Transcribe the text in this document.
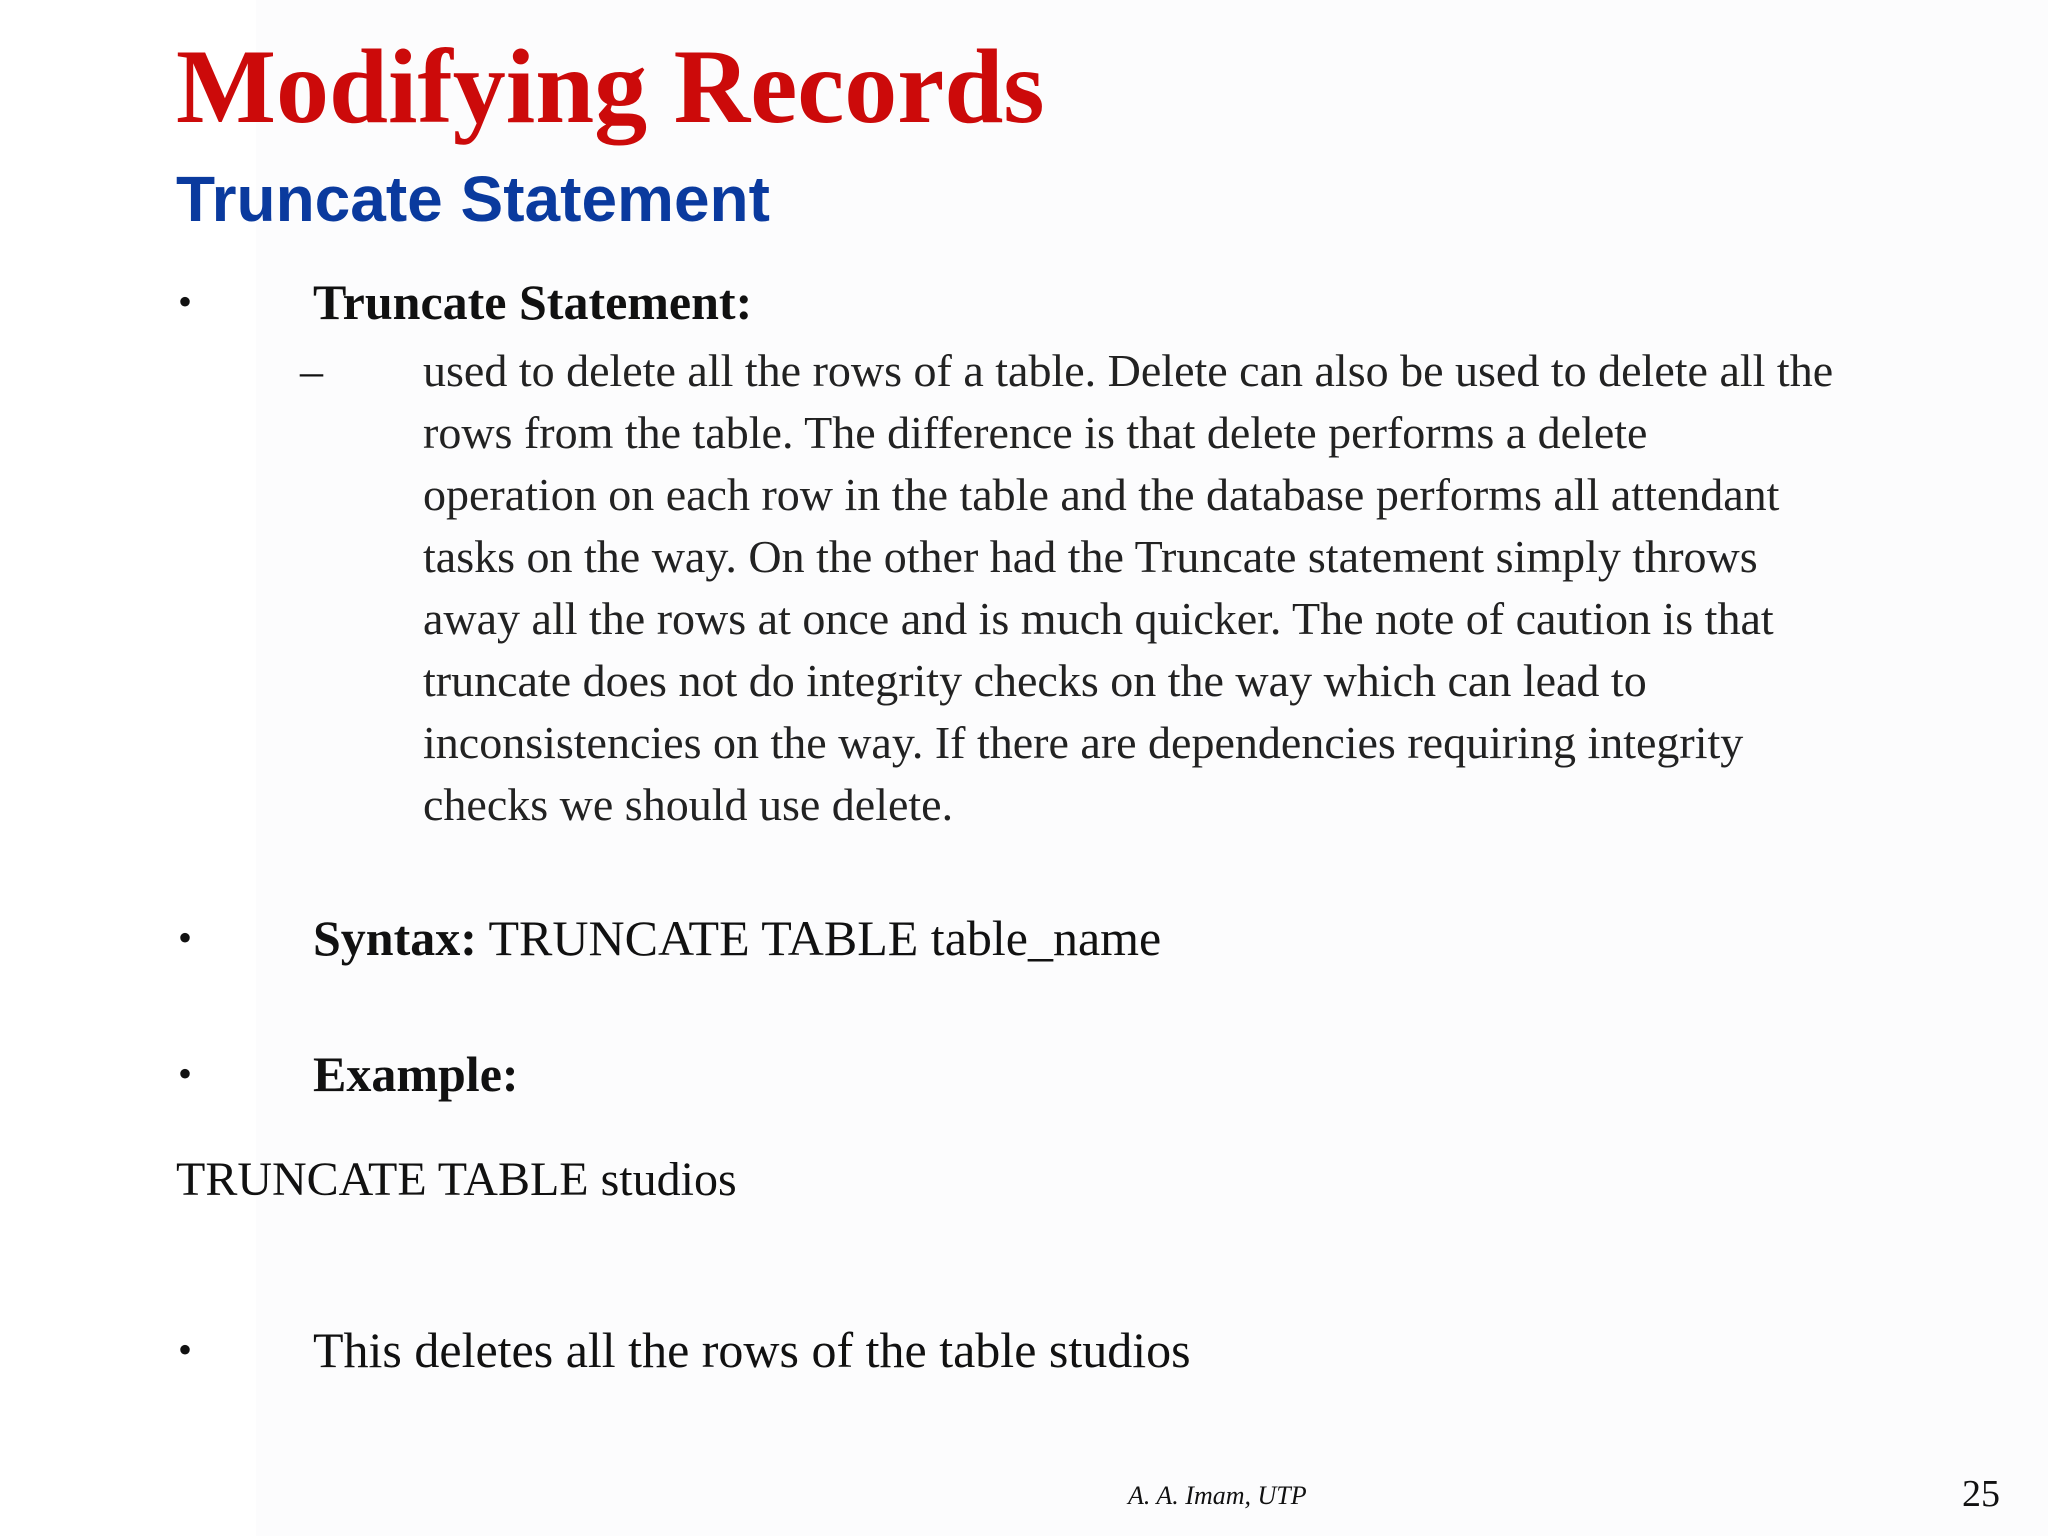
Modifying Records
Truncate Statement
• Truncate Statement:
– used to delete all the rows of a table. Delete can also be used to delete all the
rows from the table. The difference is that delete performs a delete
operation on each row in the table and the database performs all attendant
tasks on the way. On the other had the Truncate statement simply throws
away all the rows at once and is much quicker. The note of caution is that
truncate does not do integrity checks on the way which can lead to
inconsistencies on the way. If there are dependencies requiring integrity
checks we should use delete.
• Syntax: TRUNCATE TABLE table_name
• Example:
TRUNCATE TABLE studios
• This deletes all the rows of the table studios
A. A. Imam, UTP	25
